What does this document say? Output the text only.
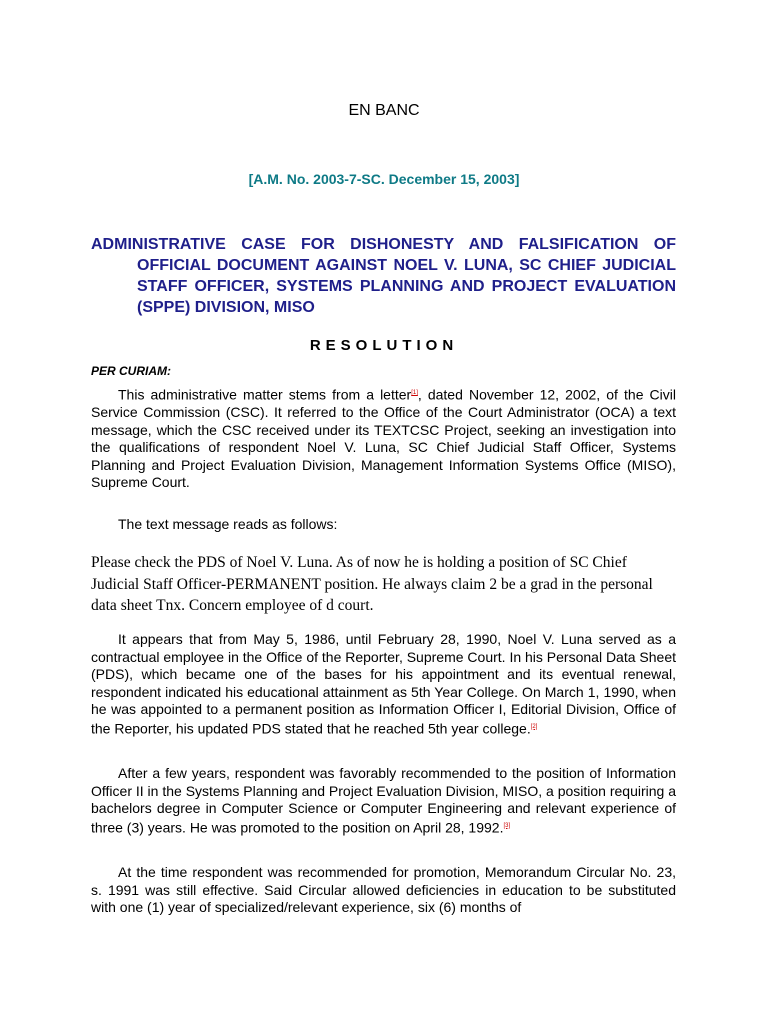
EN BANC
[A.M. No. 2003-7-SC. December 15, 2003]
ADMINISTRATIVE CASE FOR DISHONESTY AND FALSIFICATION OF OFFICIAL DOCUMENT AGAINST NOEL V. LUNA, SC CHIEF JUDICIAL STAFF OFFICER, SYSTEMS PLANNING AND PROJECT EVALUATION (SPPE) DIVISION, MISO
RESOLUTION
PER CURIAM:

This administrative matter stems from a letter[1], dated November 12, 2002, of the Civil Service Commission (CSC). It referred to the Office of the Court Administrator (OCA) a text message, which the CSC received under its TEXTCSC Project, seeking an investigation into the qualifications of respondent Noel V. Luna, SC Chief Judicial Staff Officer, Systems Planning and Project Evaluation Division, Management Information Systems Office (MISO), Supreme Court.

The text message reads as follows:

Please check the PDS of Noel V. Luna. As of now he is holding a position of SC Chief Judicial Staff Officer-PERMANENT position. He always claim 2 be a grad in the personal data sheet Tnx. Concern employee of d court.

It appears that from May 5, 1986, until February 28, 1990, Noel V. Luna served as a contractual employee in the Office of the Reporter, Supreme Court. In his Personal Data Sheet (PDS), which became one of the bases for his appointment and its eventual renewal, respondent indicated his educational attainment as 5th Year College. On March 1, 1990, when he was appointed to a permanent position as Information Officer I, Editorial Division, Office of the Reporter, his updated PDS stated that he reached 5th year college.[2]

After a few years, respondent was favorably recommended to the position of Information Officer II in the Systems Planning and Project Evaluation Division, MISO, a position requiring a bachelors degree in Computer Science or Computer Engineering and relevant experience of three (3) years. He was promoted to the position on April 28, 1992.[3]

At the time respondent was recommended for promotion, Memorandum Circular No. 23, s. 1991 was still effective. Said Circular allowed deficiencies in education to be substituted with one (1) year of specialized/relevant experience, six (6) months of
